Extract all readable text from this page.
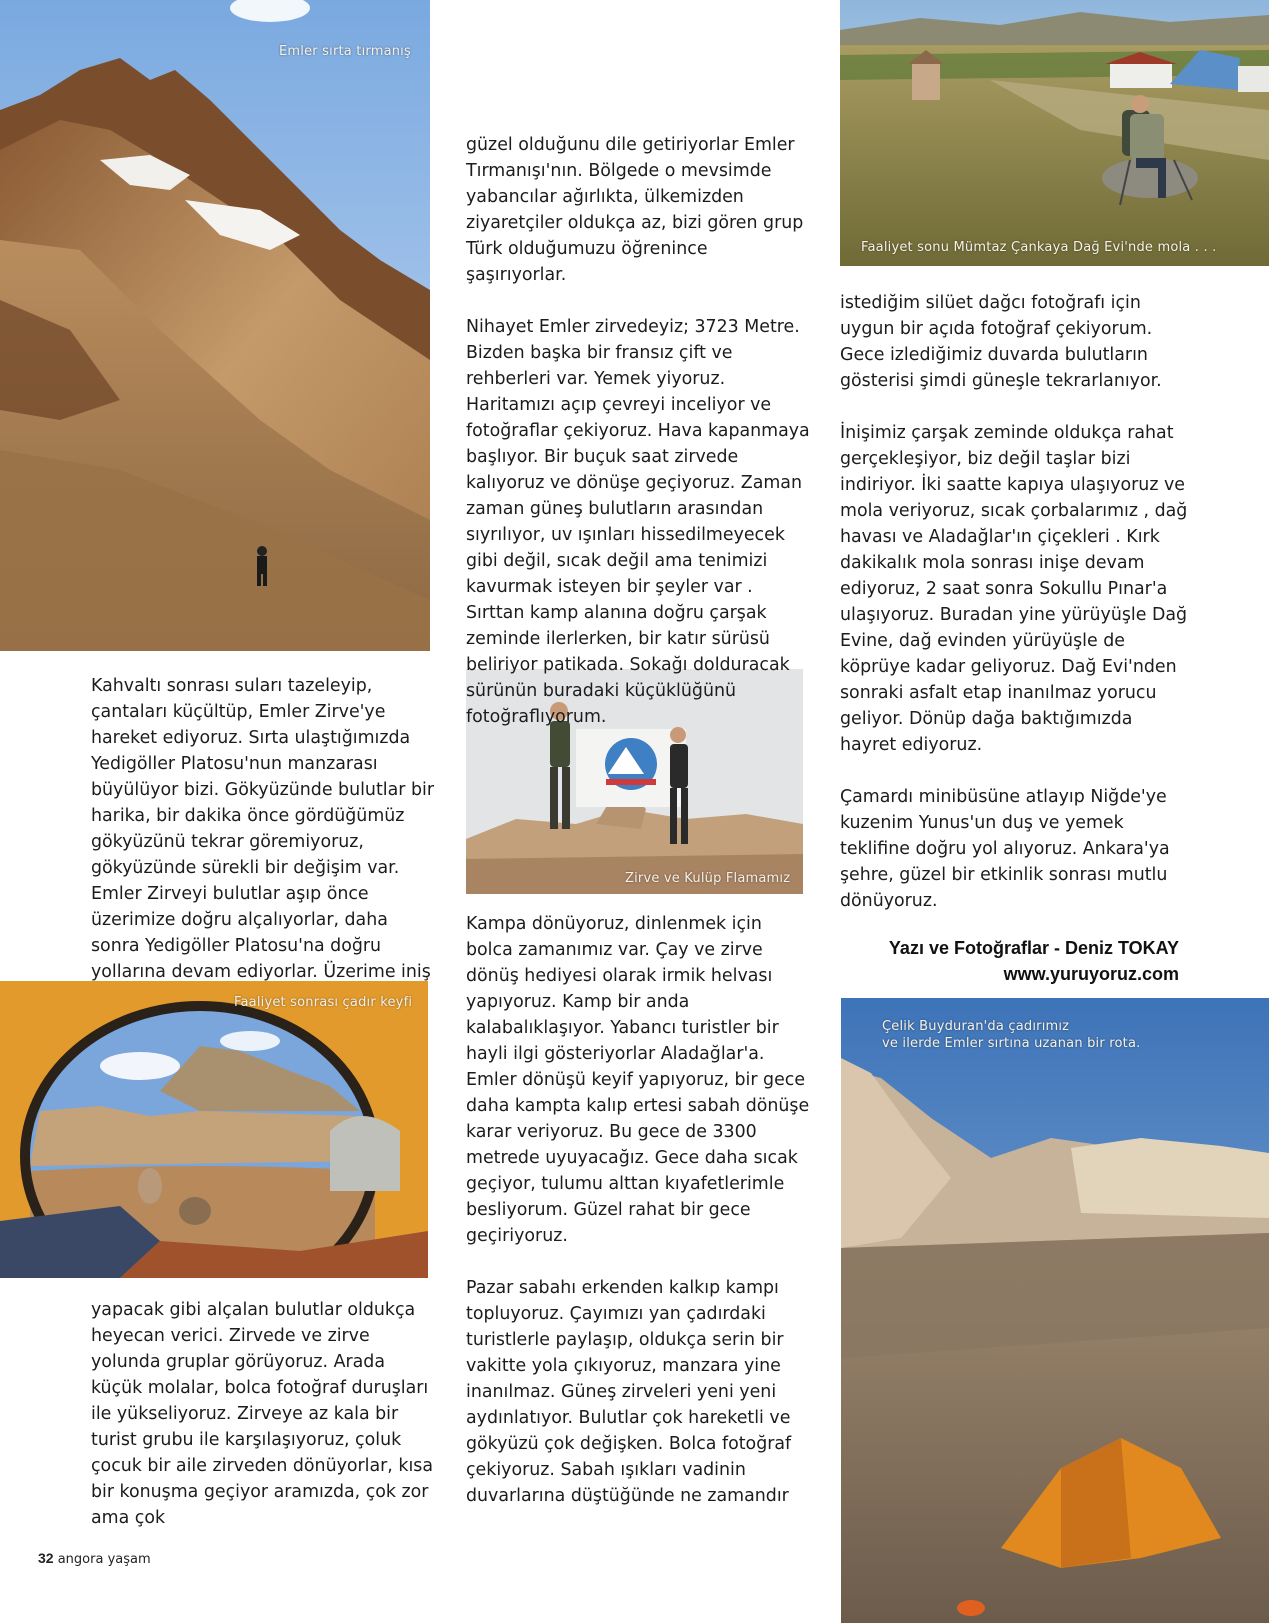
Emler sırta tırmanış
Faaliyet sonu Mümtaz Çankaya Dağ Evi'nde mola . . .
Zirve ve Kulüp Flamamız
Faaliyet sonrası çadır keyfi
Çelik Buyduran'da çadırımız
ve ilerde Emler sırtına uzanan bir rota.

Kahvaltı sonrası suları tazeleyip, çantaları küçültüp, Emler Zirve'ye hareket ediyoruz. Sırta ulaştığımızda Yedigöller Platosu'nun manzarası büyülüyor bizi. Gökyüzünde bulutlar bir harika, bir dakika önce gördüğümüz gökyüzünü tekrar göremiyoruz, gökyüzünde sürekli bir değişim var. Emler Zirveyi bulutlar aşıp önce üzerimize doğru alçalıyorlar, daha sonra Yedigöller Platosu'na doğru yollarına devam ediyorlar. Üzerime iniş

yapacak gibi alçalan bulutlar oldukça heyecan verici. Zirvede ve zirve yolunda gruplar görüyoruz. Arada küçük molalar, bolca fotoğraf duruşları ile yükseliyoruz. Zirveye az kala bir turist grubu ile karşılaşıyoruz, çoluk çocuk bir aile zirveden dönüyorlar, kısa bir konuşma geçiyor aramızda, çok zor ama çok

güzel olduğunu dile getiriyorlar Emler Tırmanışı'nın. Bölgede o mevsimde yabancılar ağırlıkta, ülkemizden ziyaretçiler oldukça az, bizi gören grup Türk olduğumuzu öğrenince şaşırıyorlar.

Nihayet Emler zirvedeyiz; 3723 Metre. Bizden başka bir fransız çift ve rehberleri var. Yemek yiyoruz. Haritamızı açıp çevreyi inceliyor ve fotoğraflar çekiyoruz. Hava kapanmaya başlıyor. Bir buçuk saat zirvede kalıyoruz ve dönüşe geçiyoruz. Zaman zaman güneş bulutların arasından sıyrılıyor, uv ışınları hissedilmeyecek gibi değil, sıcak değil ama tenimizi kavurmak isteyen bir şeyler var . Sırttan kamp alanına doğru çarşak zeminde ilerlerken, bir katır sürüsü beliriyor patikada. Sokağı dolduracak sürünün buradaki küçüklüğünü fotoğraflıyorum.

Kampa dönüyoruz, dinlenmek için bolca zamanımız var. Çay ve zirve dönüş hediyesi olarak irmik helvası yapıyoruz. Kamp bir anda kalabalıklaşıyor. Yabancı turistler bir hayli ilgi gösteriyorlar Aladağlar'a.

Emler dönüşü keyif yapıyoruz, bir gece daha kampta kalıp ertesi sabah dönüşe karar veriyoruz. Bu gece de 3300 metrede uyuyacağız. Gece daha sıcak geçiyor, tulumu alttan kıyafetlerimle besliyorum. Güzel rahat bir gece geçiriyoruz.

Pazar sabahı erkenden kalkıp kampı topluyoruz. Çayımızı yan çadırdaki turistlerle paylaşıp, oldukça serin bir vakitte yola çıkıyoruz, manzara yine inanılmaz. Güneş zirveleri yeni yeni aydınlatıyor. Bulutlar çok hareketli ve gökyüzü çok değişken. Bolca fotoğraf çekiyoruz. Sabah ışıkları vadinin duvarlarına düştüğünde ne zamandır

istediğim silüet dağcı fotoğrafı için uygun bir açıda fotoğraf çekiyorum. Gece izlediğimiz duvarda bulutların gösterisi şimdi güneşle tekrarlanıyor.

İnişimiz çarşak zeminde oldukça rahat gerçekleşiyor, biz değil taşlar bizi indiriyor. İki saatte kapıya ulaşıyoruz ve mola veriyoruz, sıcak çorbalarımız , dağ havası ve Aladağlar'ın çiçekleri . Kırk dakikalık mola sonrası inişe devam ediyoruz, 2 saat sonra Sokullu Pınar'a ulaşıyoruz. Buradan yine yürüyüşle Dağ Evine, dağ evinden yürüyüşle de köprüye kadar geliyoruz. Dağ Evi'nden sonraki asfalt etap inanılmaz yorucu geliyor. Dönüp dağa baktığımızda hayret ediyoruz.

Çamardı minibüsüne atlayıp Niğde'ye kuzenim Yunus'un duş ve yemek teklifine doğru yol alıyoruz. Ankara'ya şehre, güzel bir etkinlik sonrası mutlu dönüyoruz.

Yazı ve Fotoğraflar - Deniz TOKAY
www.yuruyoruz.com
32 angora yaşam
